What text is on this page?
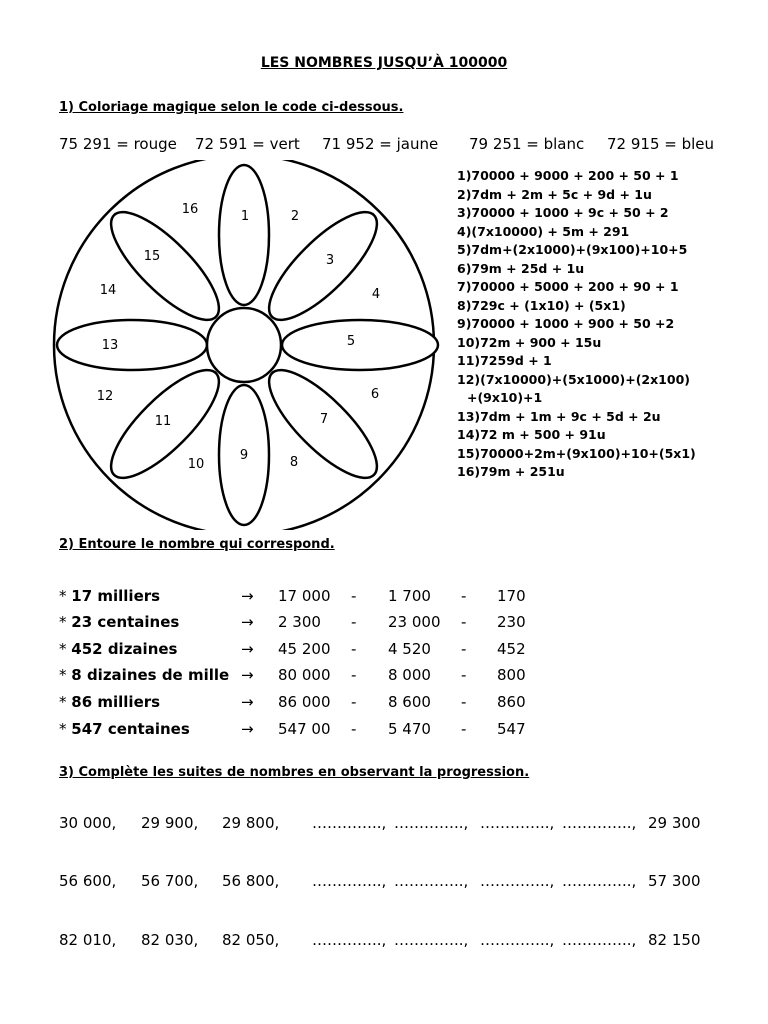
LES NOMBRES JUSQU’À 100000
1) Coloriage magique selon le code ci-dessous.
75 291 = rouge 72 591 = vert 71 952 = jaune 79 251 = blanc 72 915 = bleu
1	2
3
4
5
6
7
8
9
10
11
12
13
14
15
16
1)70000 + 9000 + 200 + 50 + 1
2)7dm + 2m + 5c + 9d + 1u
3)70000 + 1000 + 9c + 50 + 2
4)(7x10000) + 5m + 291
5)7dm+(2x1000)+(9x100)+10+5
6)79m + 25d + 1u
7)70000 + 5000 + 200 + 90 + 1
8)729c + (1x10) + (5x1)
9)70000 + 1000 + 900 + 50 +2
10)72m + 900 + 15u
11)7259d + 1
12)(7x10000)+(5x1000)+(2x100)
+(9x10)+1
13)7dm + 1m + 9c + 5d + 2u
14)72 m + 500 + 91u
15)70000+2m+(9x100)+10+(5x1)
16)79m + 251u
2) Entoure le nombre qui correspond.
* 17 milliers	→ 17 000 - 1 700 - 170
* 23 centaines	→ 2 300 - 23 000 - 230
* 452 dizaines	→ 45 200 - 4 520 - 452
* 8 dizaines de mille → 80 000 - 8 000 - 800
* 86 milliers	→ 86 000 - 8 600 - 860
* 547 centaines	→ 547 00 - 5 470 - 547
3) Complète les suites de nombres en observant la progression.
30 000, 29 900, 29 800, ………….., ………….., ………….., ………….., 29 300
56 600, 56 700, 56 800, ………….., ………….., ………….., ………….., 57 300
82 010, 82 030, 82 050, ………….., ………….., ………….., ………….., 82 150
